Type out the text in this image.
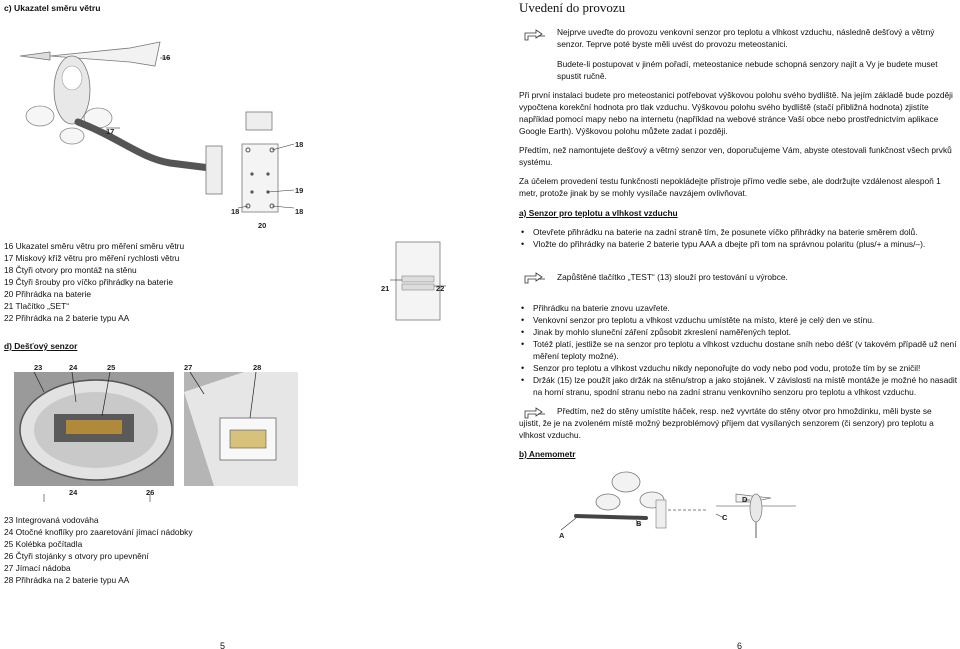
c) Ukazatel směru větru
16
17
18
19
18	18
20
21	22
16 Ukazatel směru větru pro měření směru větru
17 Miskový kříž větru pro měření rychlosti větru
18 Čtyři otvory pro montáž na stěnu
19 Čtyři šrouby pro víčko přihrádky na baterie
20 Přihrádka na baterie
21 Tlačítko „SET“
22 Přihrádka na 2 baterie typu AA
d) Dešťový senzor
23	24	25	27	28
24	26
23 Integrovaná vodováha
24 Otočné knoflíky pro zaaretování jímací nádobky
25 Kolébka počítadla
26 Čtyři stojánky s otvory pro upevnění
27 Jímací nádoba
28 Přihrádka na 2 baterie typu AA
5
Uvedení do provozu

Nejprve uveďte do provozu venkovní senzor pro teplotu a vlhkost vzduchu, následně dešťový a větrný senzor. Teprve poté byste měli uvést do provozu meteostanici.

Budete-li postupovat v jiném pořadí, meteostanice nebude schopná senzory najít a Vy je budete muset spustit ručně.

Při první instalaci budete pro meteostanici potřebovat výškovou polohu svého bydliště. Na jejím základě bude později vypočtena korekční hodnota pro tlak vzduchu. Výškovou polohu svého bydliště (stačí přibližná hodnota) zjistíte například pomocí mapy nebo na internetu (například na webové stránce Vaší obce nebo prostřednictvím aplikace Google Earth). Výškovou polohu můžete zadat i později.

Předtím, než namontujete dešťový a větrný senzor ven, doporučujeme Vám, abyste otestovali funkčnost všech prvků systému.

Za účelem provedení testu funkčnosti nepokládejte přístroje přímo vedle sebe, ale dodržujte vzdálenost alespoň 1 metr, protože jinak by se mohly vysílače navzájem ovlivňovat.

a) Senzor pro teplotu a vlhkost vzduchu
• Otevřete přihrádku na baterie na zadní straně tím, že posunete víčko přihrádky na baterie směrem dolů.
• Vložte do přihrádky na baterie 2 baterie typu AAA a dbejte při tom na správnou polaritu (plus/+ a minus/–).

Zapůštěné tlačítko „TEST“ (13) slouží pro testování u výrobce.

• Přihrádku na baterie znovu uzavřete.
• Venkovní senzor pro teplotu a vlhkost vzduchu umístěte na místo, které je celý den ve stínu.
• Jinak by mohlo sluneční záření způsobit zkreslení naměřených teplot.
• Totéž platí, jestliže se na senzor pro teplotu a vlhkost vzduchu dostane sníh nebo déšť (v takovém případě už není měření teploty možné).
• Senzor pro teplotu a vlhkost vzduchu nikdy neponořujte do vody nebo pod vodu, protože tím by se zničil!
• Držák (15) lze použít jako držák na stěnu/strop a jako stojánek. V závislosti na místě montáže je možné ho nasadit na horní stranu, spodní stranu nebo na zadní stranu venkovního senzoru pro teplotu a vlhkost vzduchu.

Předtím, než do stěny umístíte háček, resp. než vyvrtáte do stěny otvor pro hmoždinku, měli byste se ujistit, že je na zvoleném místě možný bezproblémový příjem dat vysílaných senzorem (či senzory) pro teplotu a vlhkost vzduchu.

b) Anemometr
D
B
C
A
6
